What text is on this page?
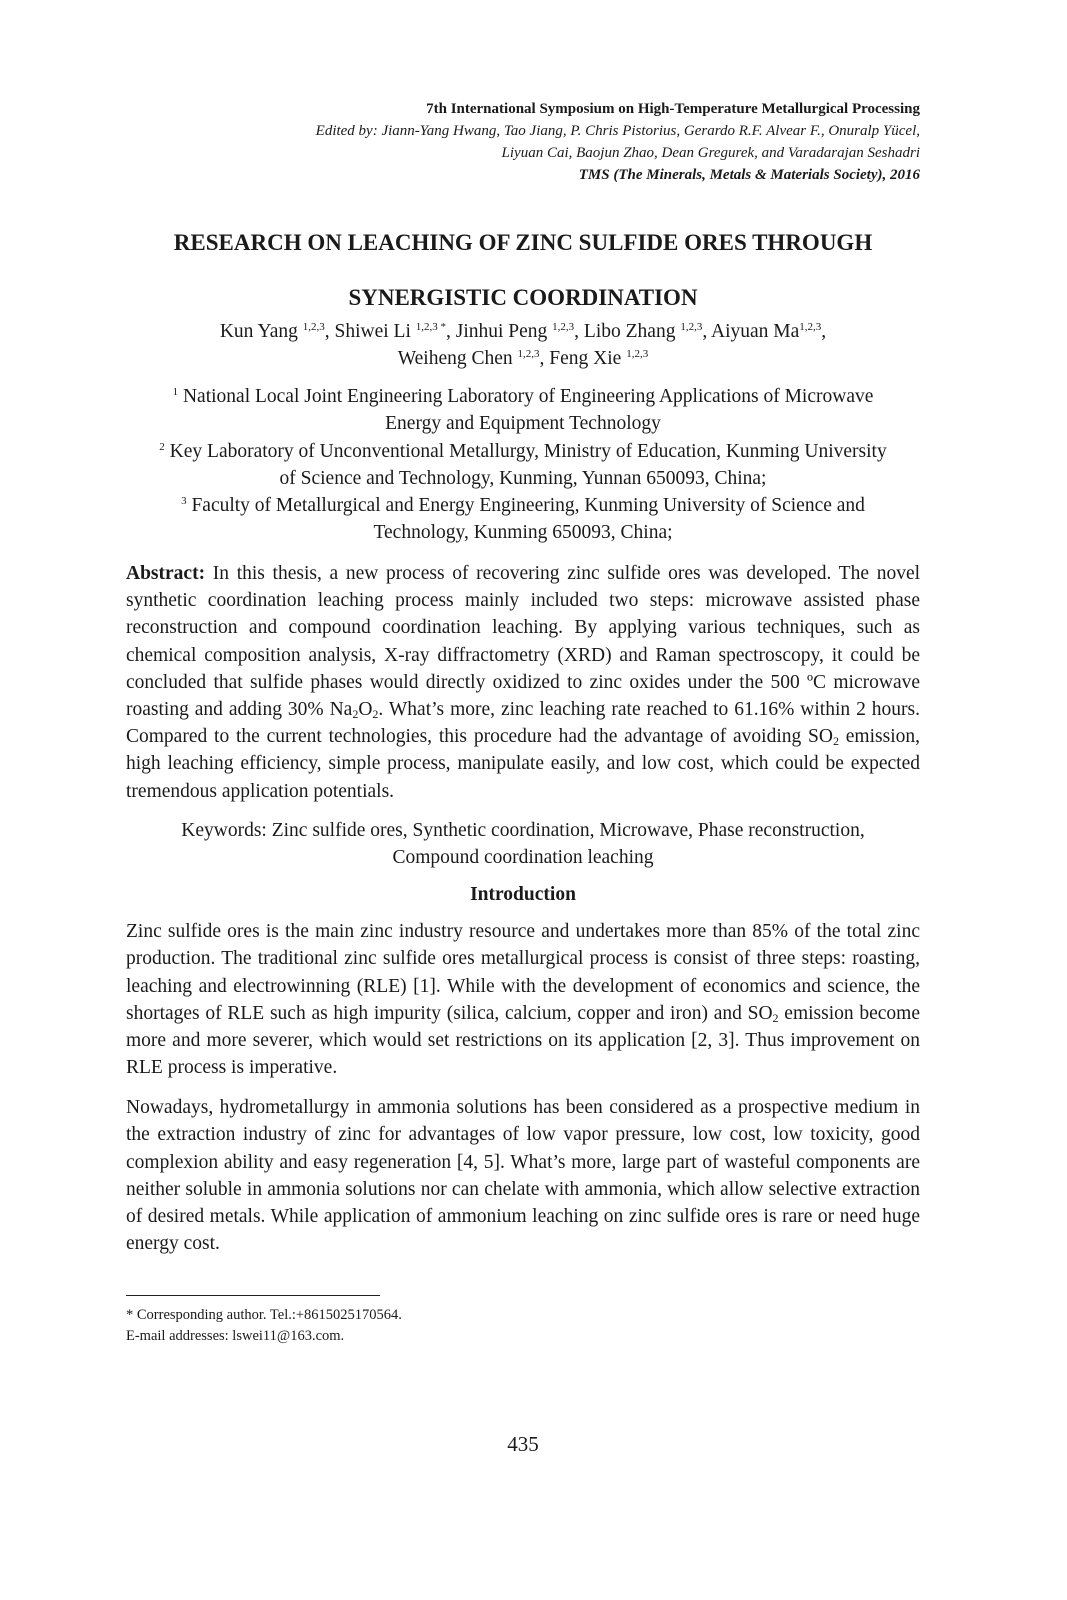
7th International Symposium on High-Temperature Metallurgical Processing
Edited by: Jiann-Yang Hwang, Tao Jiang, P. Chris Pistorius, Gerardo R.F. Alvear F., Onuralp Yücel,
Liyuan Cai, Baojun Zhao, Dean Gregurek, and Varadarajan Seshadri
TMS (The Minerals, Metals & Materials Society), 2016
RESEARCH ON LEACHING OF ZINC SULFIDE ORES THROUGH
SYNERGISTIC COORDINATION
Kun Yang $^{1,2,3}$, Shiwei Li $^{1,2,3 *}$, Jinhui Peng $^{1,2,3}$, Libo Zhang $^{1,2,3}$, Aiyuan Ma$^{1,2,3}$,
Weiheng Chen $^{1,2,3}$, Feng Xie $^{1,2,3}$

$^1$ National Local Joint Engineering Laboratory of Engineering Applications of Microwave
Energy and Equipment Technology

$^2$ Key Laboratory of Unconventional Metallurgy, Ministry of Education, Kunming University
of Science and Technology, Kunming, Yunnan 650093, China;

$^3$ Faculty of Metallurgical and Energy Engineering, Kunming University of Science and
Technology, Kunming 650093, China;

Abstract: In this thesis, a new process of recovering zinc sulfide ores was developed. The novel synthetic coordination leaching process mainly included two steps: microwave assisted phase reconstruction and compound coordination leaching. By applying various techniques, such as chemical composition analysis, X-ray diffractometry (XRD) and Raman spectroscopy, it could be concluded that sulfide phases would directly oxidized to zinc oxides under the 500 ºC microwave roasting and adding 30% $Na_2O_2$. What’s more, zinc leaching rate reached to 61.16% within 2 hours. Compared to the current technologies, this procedure had the advantage of avoiding $SO_2$ emission, high leaching efficiency, simple process, manipulate easily, and low cost, which could be expected tremendous application potentials.

Keywords: Zinc sulfide ores, Synthetic coordination, Microwave, Phase reconstruction,

Compound coordination leaching

Introduction

Zinc sulfide ores is the main zinc industry resource and undertakes more than 85% of the total zinc production. The traditional zinc sulfide ores metallurgical process is consist of three steps: roasting, leaching and electrowinning (RLE) [1]. While with the development of economics and science, the shortages of RLE such as high impurity (silica, calcium, copper and iron) and $SO_2$ emission become more and more severer, which would set restrictions on its application [2, 3]. Thus improvement on RLE process is imperative.

Nowadays, hydrometallurgy in ammonia solutions has been considered as a prospective medium in the extraction industry of zinc for advantages of low vapor pressure, low cost, low toxicity, good complexion ability and easy regeneration [4, 5]. What’s more, large part of wasteful components are neither soluble in ammonia solutions nor can chelate with ammonia, which allow selective extraction of desired metals. While application of ammonium leaching on zinc sulfide ores is rare or need huge energy cost.

* Corresponding author. Tel.:+8615025170564.

E-mail addresses: lswei11@163.com.

435
